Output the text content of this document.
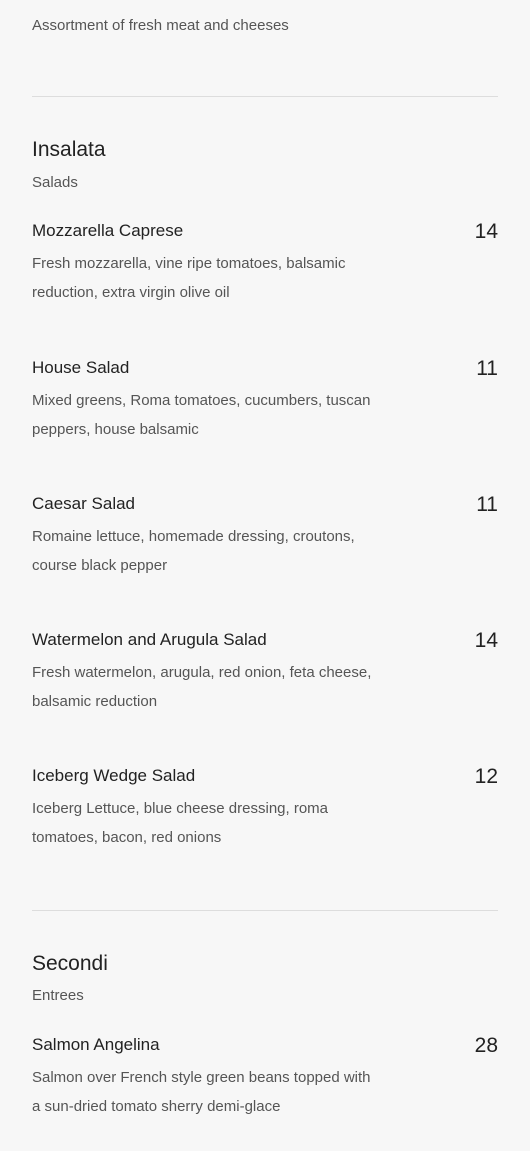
Assortment of fresh meat and cheeses
Insalata
Salads
Mozzarella Caprese	14
Fresh mozzarella, vine ripe tomatoes, balsamic reduction, extra virgin olive oil
House Salad	11
Mixed greens, Roma tomatoes, cucumbers, tuscan peppers, house balsamic
Caesar Salad	11
Romaine lettuce, homemade dressing, croutons, course black pepper
Watermelon and Arugula Salad	14
Fresh watermelon, arugula, red onion, feta cheese, balsamic reduction
Iceberg Wedge Salad	12
Iceberg Lettuce, blue cheese dressing, roma tomatoes, bacon, red onions
Secondi
Entrees
Salmon Angelina	28
Salmon over French style green beans topped with a sun-dried tomato sherry demi-glace
